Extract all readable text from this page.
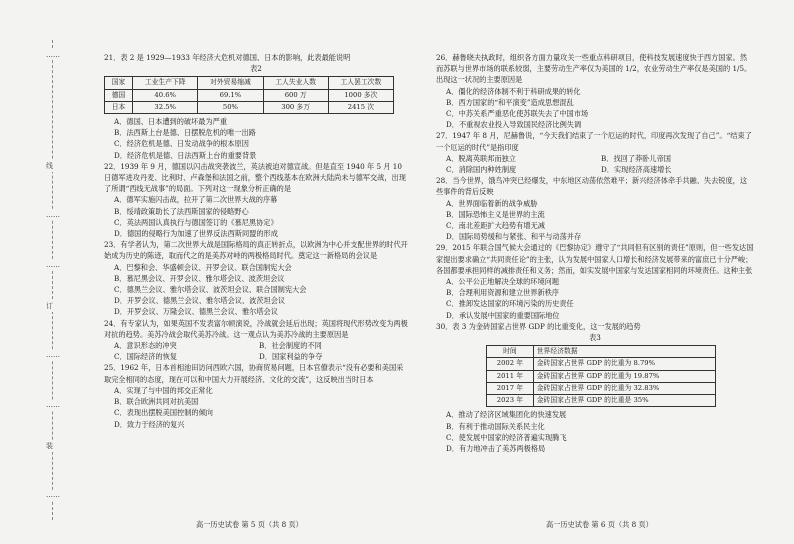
……
线
……
……
订
……
……
装
……

21．表 2 是 1929—1933 年经济大危机对德国、日本的影响，此表最能说明

表2

国家	工业生产下降	对外贸易缩减	工人失业人数	工人罢工次数
德国	40.6%	69.1%	600 万	1000 多次
日本	32.5%	50%	300 多万	2415 次

A．德国、日本遭到的破坏最为严重

B．法西斯上台是德、日摆脱危机的唯一出路

C．经济危机是德、日发动战争的根本原因

D．经济危机是德、日法西斯上台的重要背景

22．1939 年 9 月，德国以闪击战突袭波兰，英法被迫对德宣战。但是直至 1940 年 5 月 10 日德军进攻丹麦、比利时、卢森堡和法国之前，整个西线基本在欧洲大陆尚未与德军交战，出现了所谓“西线无战事”的局面。下列对这一现象分析正确的是

A．德军实施闪击战，拉开了第二次世界大战的序幕

B．绥靖政策助长了法西斯国家的侵略野心

C．英法两国认真执行与德国签订的《慕尼黑协定》

D．德国的侵略行为加速了世界反法西斯同盟的形成

23．有学者认为，第二次世界大战是国际格局的真正转折点，以欧洲为中心并支配世界的时代开始成为历史的陈迹，取而代之的是美苏对峙的两极格局时代。奠定这一新格局的会议是

A．巴黎和会、华盛顿会议、开罗会议、联合国制宪大会

B．慕尼黑会议、开罗会议、雅尔塔会议、波茨坦会议

C．德黑兰会议、雅尔塔会议、波茨坦会议、联合国制宪大会

D．开罗会议、德黑兰会议、雅尔塔会议、波茨坦会议

D．开罗会议、万隆会议、德黑兰会议、雅尔塔会议

24．有专家认为，如果英国不发表富尔顿演说，冷战就会延后出现；英国将现代形势改变为两极对抗的趋势。美苏冷战会取代美苏冷战。这一观点认为美苏冷战的主要原因是

A．意识形态的冲突	B．社会制度的不同

C．国际经济的恢复	D．国家利益的争夺

25．1962 年，日本首相池田访问西欧六国，协商贸易问题，日本官僚表示“没有必要和美国采取完全相同的态度，现在可以和中国大力开展经济、文化的交流”，这反映出当时日本

A．实现了与中国的邦交正常化

B．联合欧洲共同对抗美国

C．表现出摆脱美国控制的倾向

D．致力于经济的复兴

26．赫鲁晓夫执政时，组织各方面力量攻关一些重点科研项目，使科技发展速度快于西方国家。然而苏联与世界市场的联系较弱，主要劳动生产率仅为美国的 1/2，农业劳动生产率仅是美国的 1/5。出现这一状况的主要原因是

A．僵化的经济体制不利于科研成果的转化

B．西方国家的“和平演变”造成思想混乱

C．中苏关系严重恶化使苏联失去了中国市场

D．不重视农业投入导致国民经济比例失调

27．1947 年 8 月，尼赫鲁说，“今天我们结束了一个厄运的时代，印度再次发现了自己”。“结束了一个厄运的时代”是指印度

A．脱离英联邦而独立	B．找回了莽卧儿帝国

C．消除国内种姓制度	D．实现经济高速增长

28．当今世界，饿鸟冲突已经爆发，中东地区动荡依然难平；新兴经济体牵手共融、失去锐度，这些事件的背后反映

A．世界面临着新的战争威胁

B．国际恐怖主义是世界的主流

C．南北差距扩大趋势有增无减

D．国际局势缓和与紧张、和平与动荡并存

29．2015 年联合国气候大会通过的《巴黎协定》遵守了“共同但有区别的责任”原则，但一些发达国家提出要求确立“共同责任论”的主张，认为发展中国家人口增长和经济发展带来的富庶已十分严峻；各国都要承担同样的减排责任和义务；然而，如实发展中国家与发达国家相同的环境责任。这种主张

A．公平公正地解决全球的环境问题

B．合理利用资源和建立世界新秩序

C．推卸发达国家的环境污染的历史责任

D．承认发展中国家的重要国际地位

30．表 3 为金砖国家占世界 GDP 的比重变化，这一发展的趋势

表3

时间	世界经济数据
2002 年	金砖国家占世界 GDP 的比重为 8.79%
2011 年	金砖国家占世界 GDP 的比重为 19.87%
2017 年	金砖国家占世界 GDP 的比重为 32.83%
2023 年	金砖国家占世界 GDP 的比重是 35%

A．推动了经济区域集团化的快速发展

B．有利于推动国际关系民主化

C．使发展中国家的经济普遍实现腾飞

D．有力地冲击了美苏两极格局

高一历史试卷 第 5 页（共 8 页）	高一历史试卷 第 6 页（共 8 页）
